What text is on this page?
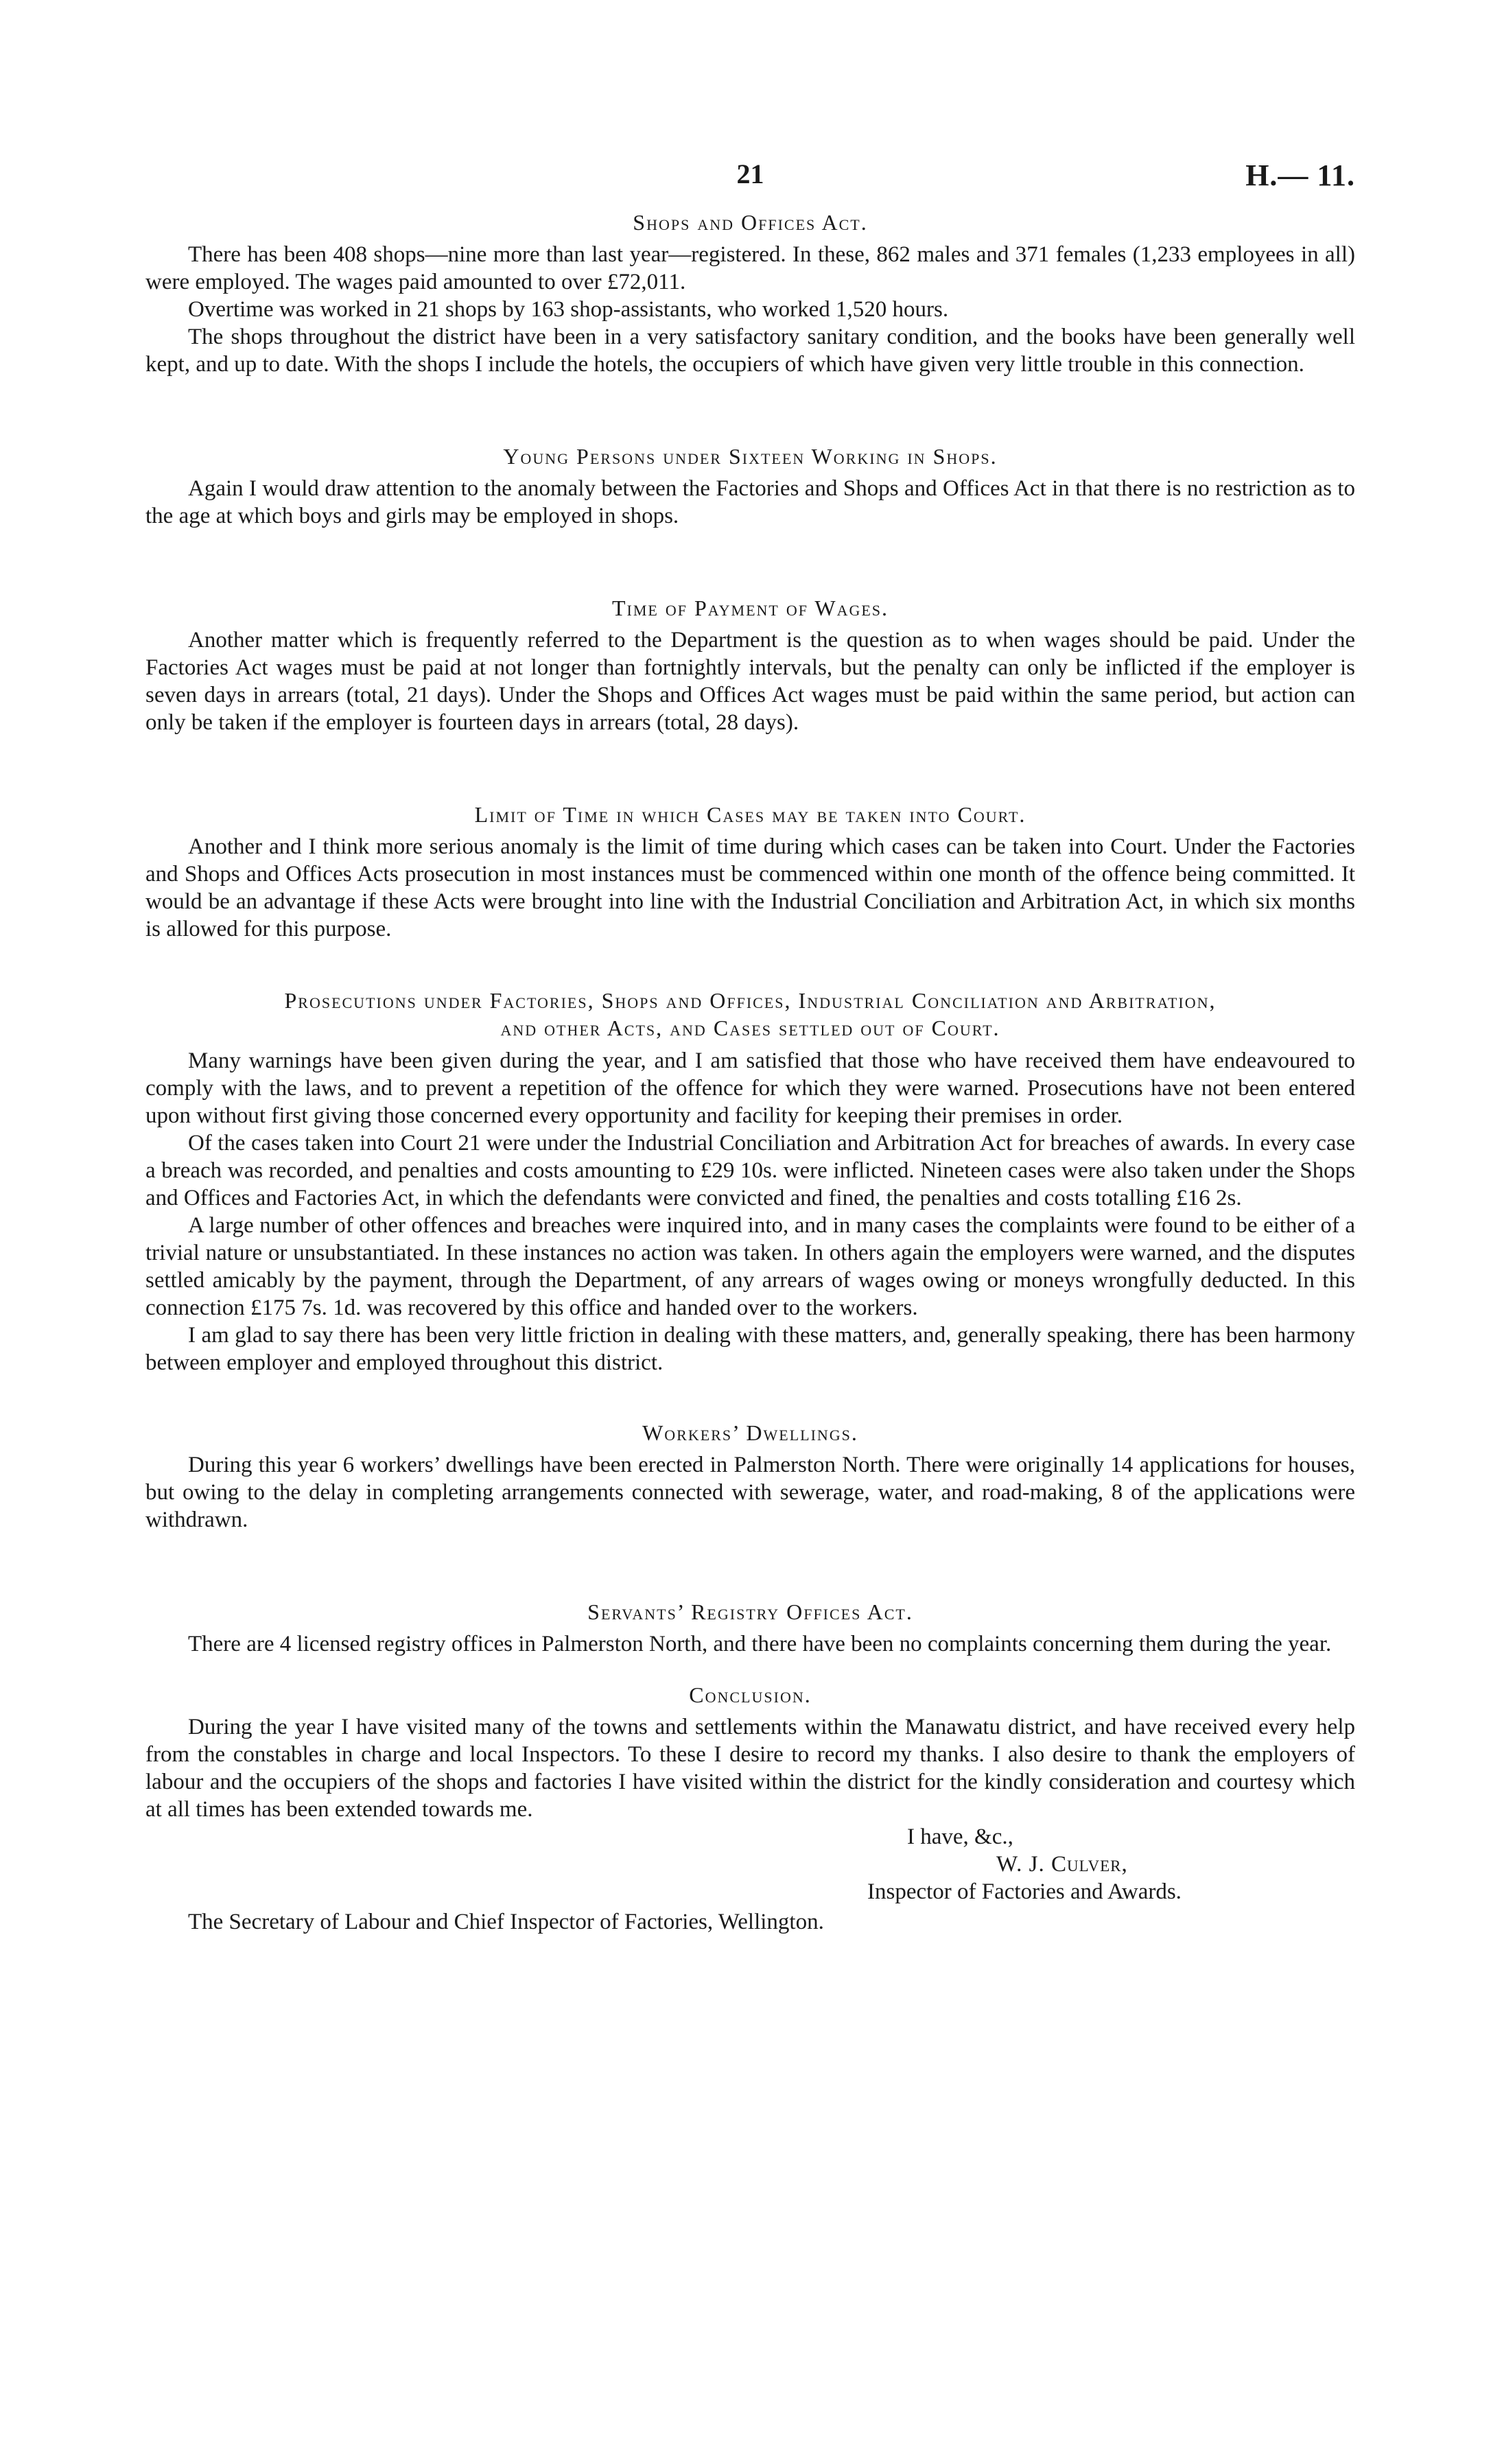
21	H.— 11.
Shops and Offices Act.

There has been 408 shops—nine more than last year—registered. In these, 862 males and 371 females (1,233 employees in all) were employed. The wages paid amounted to over £72,011.

Overtime was worked in 21 shops by 163 shop-assistants, who worked 1,520 hours.

The shops throughout the district have been in a very satisfactory sanitary condition, and the books have been generally well kept, and up to date. With the shops I include the hotels, the occupiers of which have given very little trouble in this connection.

Young Persons under Sixteen Working in Shops.

Again I would draw attention to the anomaly between the Factories and Shops and Offices Act in that there is no restriction as to the age at which boys and girls may be employed in shops.

Time of Payment of Wages.

Another matter which is frequently referred to the Department is the question as to when wages should be paid. Under the Factories Act wages must be paid at not longer than fortnightly intervals, but the penalty can only be inflicted if the employer is seven days in arrears (total, 21 days). Under the Shops and Offices Act wages must be paid within the same period, but action can only be taken if the employer is fourteen days in arrears (total, 28 days).

Limit of Time in which Cases may be taken into Court.

Another and I think more serious anomaly is the limit of time during which cases can be taken into Court. Under the Factories and Shops and Offices Acts prosecution in most instances must be commenced within one month of the offence being committed. It would be an advantage if these Acts were brought into line with the Industrial Conciliation and Arbitration Act, in which six months is allowed for this purpose.

Prosecutions under Factories, Shops and Offices, Industrial Conciliation and Arbitration,
and other Acts, and Cases settled out of Court.

Many warnings have been given during the year, and I am satisfied that those who have received them have endeavoured to comply with the laws, and to prevent a repetition of the offence for which they were warned. Prosecutions have not been entered upon without first giving those concerned every opportunity and facility for keeping their premises in order.

Of the cases taken into Court 21 were under the Industrial Conciliation and Arbitration Act for breaches of awards. In every case a breach was recorded, and penalties and costs amounting to £29 10s. were inflicted. Nineteen cases were also taken under the Shops and Offices and Factories Act, in which the defendants were convicted and fined, the penalties and costs totalling £16 2s.

A large number of other offences and breaches were inquired into, and in many cases the complaints were found to be either of a trivial nature or unsubstantiated. In these instances no action was taken. In others again the employers were warned, and the disputes settled amicably by the payment, through the Department, of any arrears of wages owing or moneys wrongfully deducted. In this connection £175 7s. 1d. was recovered by this office and handed over to the workers.

I am glad to say there has been very little friction in dealing with these matters, and, generally speaking, there has been harmony between employer and employed throughout this district.

Workers’ Dwellings.

During this year 6 workers’ dwellings have been erected in Palmerston North. There were originally 14 applications for houses, but owing to the delay in completing arrangements connected with sewerage, water, and road-making, 8 of the applications were withdrawn.

Servants’ Registry Offices Act.

There are 4 licensed registry offices in Palmerston North, and there have been no complaints concerning them during the year.

Conclusion.

During the year I have visited many of the towns and settlements within the Manawatu district, and have received every help from the constables in charge and local Inspectors. To these I desire to record my thanks. I also desire to thank the employers of labour and the occupiers of the shops and factories I have visited within the district for the kindly consideration and courtesy which at all times has been extended towards me.

I have, &c.,
W. J. Culver,
Inspector of Factories and Awards.
The Secretary of Labour and Chief Inspector of Factories, Wellington.
